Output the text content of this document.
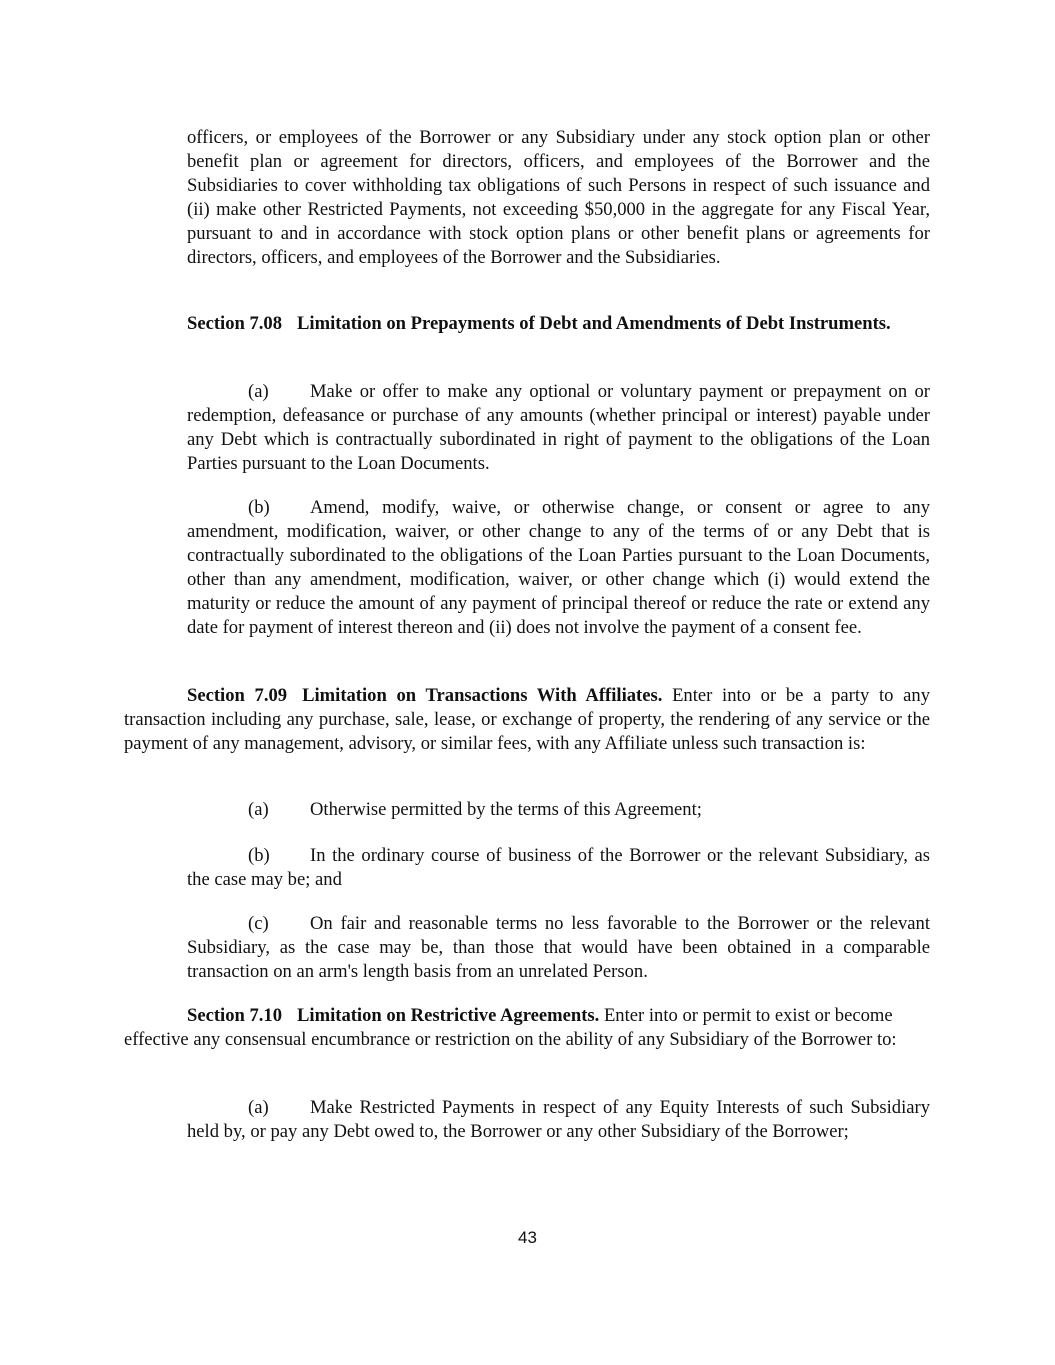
officers, or employees of the Borrower or any Subsidiary under any stock option plan or other benefit plan or agreement for directors, officers, and employees of the Borrower and the Subsidiaries to cover withholding tax obligations of such Persons in respect of such issuance and (ii) make other Restricted Payments, not exceeding $50,000 in the aggregate for any Fiscal Year, pursuant to and in accordance with stock option plans or other benefit plans or agreements for directors, officers, and employees of the Borrower and the Subsidiaries.

Section 7.08 Limitation on Prepayments of Debt and Amendments of Debt Instruments.

(a) Make or offer to make any optional or voluntary payment or prepayment on or redemption, defeasance or purchase of any amounts (whether principal or interest) payable under any Debt which is contractually subordinated in right of payment to the obligations of the Loan Parties pursuant to the Loan Documents.

(b) Amend, modify, waive, or otherwise change, or consent or agree to any amendment, modification, waiver, or other change to any of the terms of or any Debt that is contractually subordinated to the obligations of the Loan Parties pursuant to the Loan Documents, other than any amendment, modification, waiver, or other change which (i) would extend the maturity or reduce the amount of any payment of principal thereof or reduce the rate or extend any date for payment of interest thereon and (ii) does not involve the payment of a consent fee.

Section 7.09 Limitation on Transactions With Affiliates. Enter into or be a party to any transaction including any purchase, sale, lease, or exchange of property, the rendering of any service or the payment of any management, advisory, or similar fees, with any Affiliate unless such transaction is:

(a) Otherwise permitted by the terms of this Agreement;

(b) In the ordinary course of business of the Borrower or the relevant Subsidiary, as the case may be; and

(c) On fair and reasonable terms no less favorable to the Borrower or the relevant Subsidiary, as the case may be, than those that would have been obtained in a comparable transaction on an arm's length basis from an unrelated Person.

Section 7.10 Limitation on Restrictive Agreements. Enter into or permit to exist or become effective any consensual encumbrance or restriction on the ability of any Subsidiary of the Borrower to:

(a) Make Restricted Payments in respect of any Equity Interests of such Subsidiary held by, or pay any Debt owed to, the Borrower or any other Subsidiary of the Borrower;

43
